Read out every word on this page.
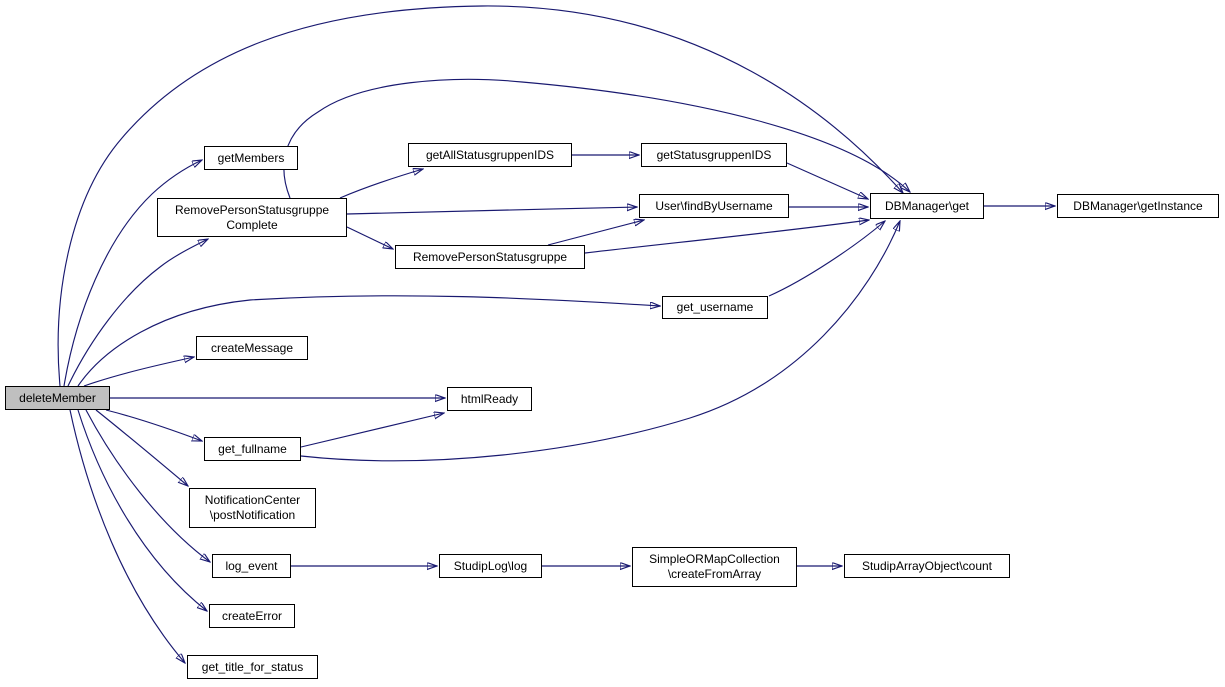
deleteMember
getMembers
RemovePersonStatusgruppe
Complete
getAllStatusgruppenIDS	getStatusgruppenIDS
User\findByUsername
RemovePersonStatusgruppe
DBManager\get	DBManager\getInstance
get_username
createMessage
htmlReady
get_fullname
NotificationCenter
\postNotification
log_event	StudipLog\log	SimpleORMapCollection
\createFromArray
StudipArrayObject\count
createError
get_title_for_status
